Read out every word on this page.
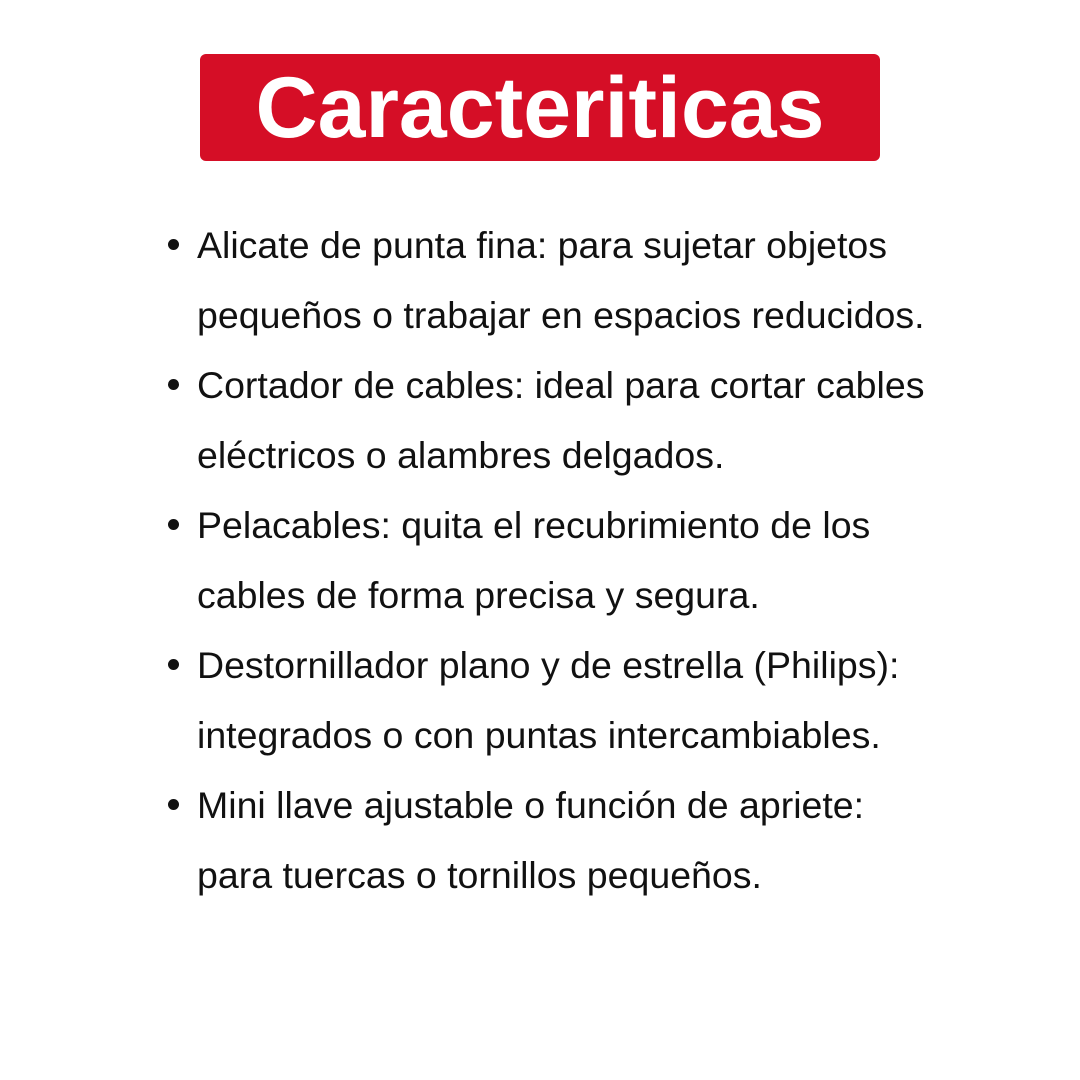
Caracteriticas
Alicate de punta fina: para sujetar objetos
pequeños o trabajar en espacios reducidos.
Cortador de cables: ideal para cortar cables
eléctricos o alambres delgados.
Pelacables: quita el recubrimiento de los
cables de forma precisa y segura.
Destornillador plano y de estrella (Philips):
integrados o con puntas intercambiables.
Mini llave ajustable o función de apriete:
para tuercas o tornillos pequeños.
